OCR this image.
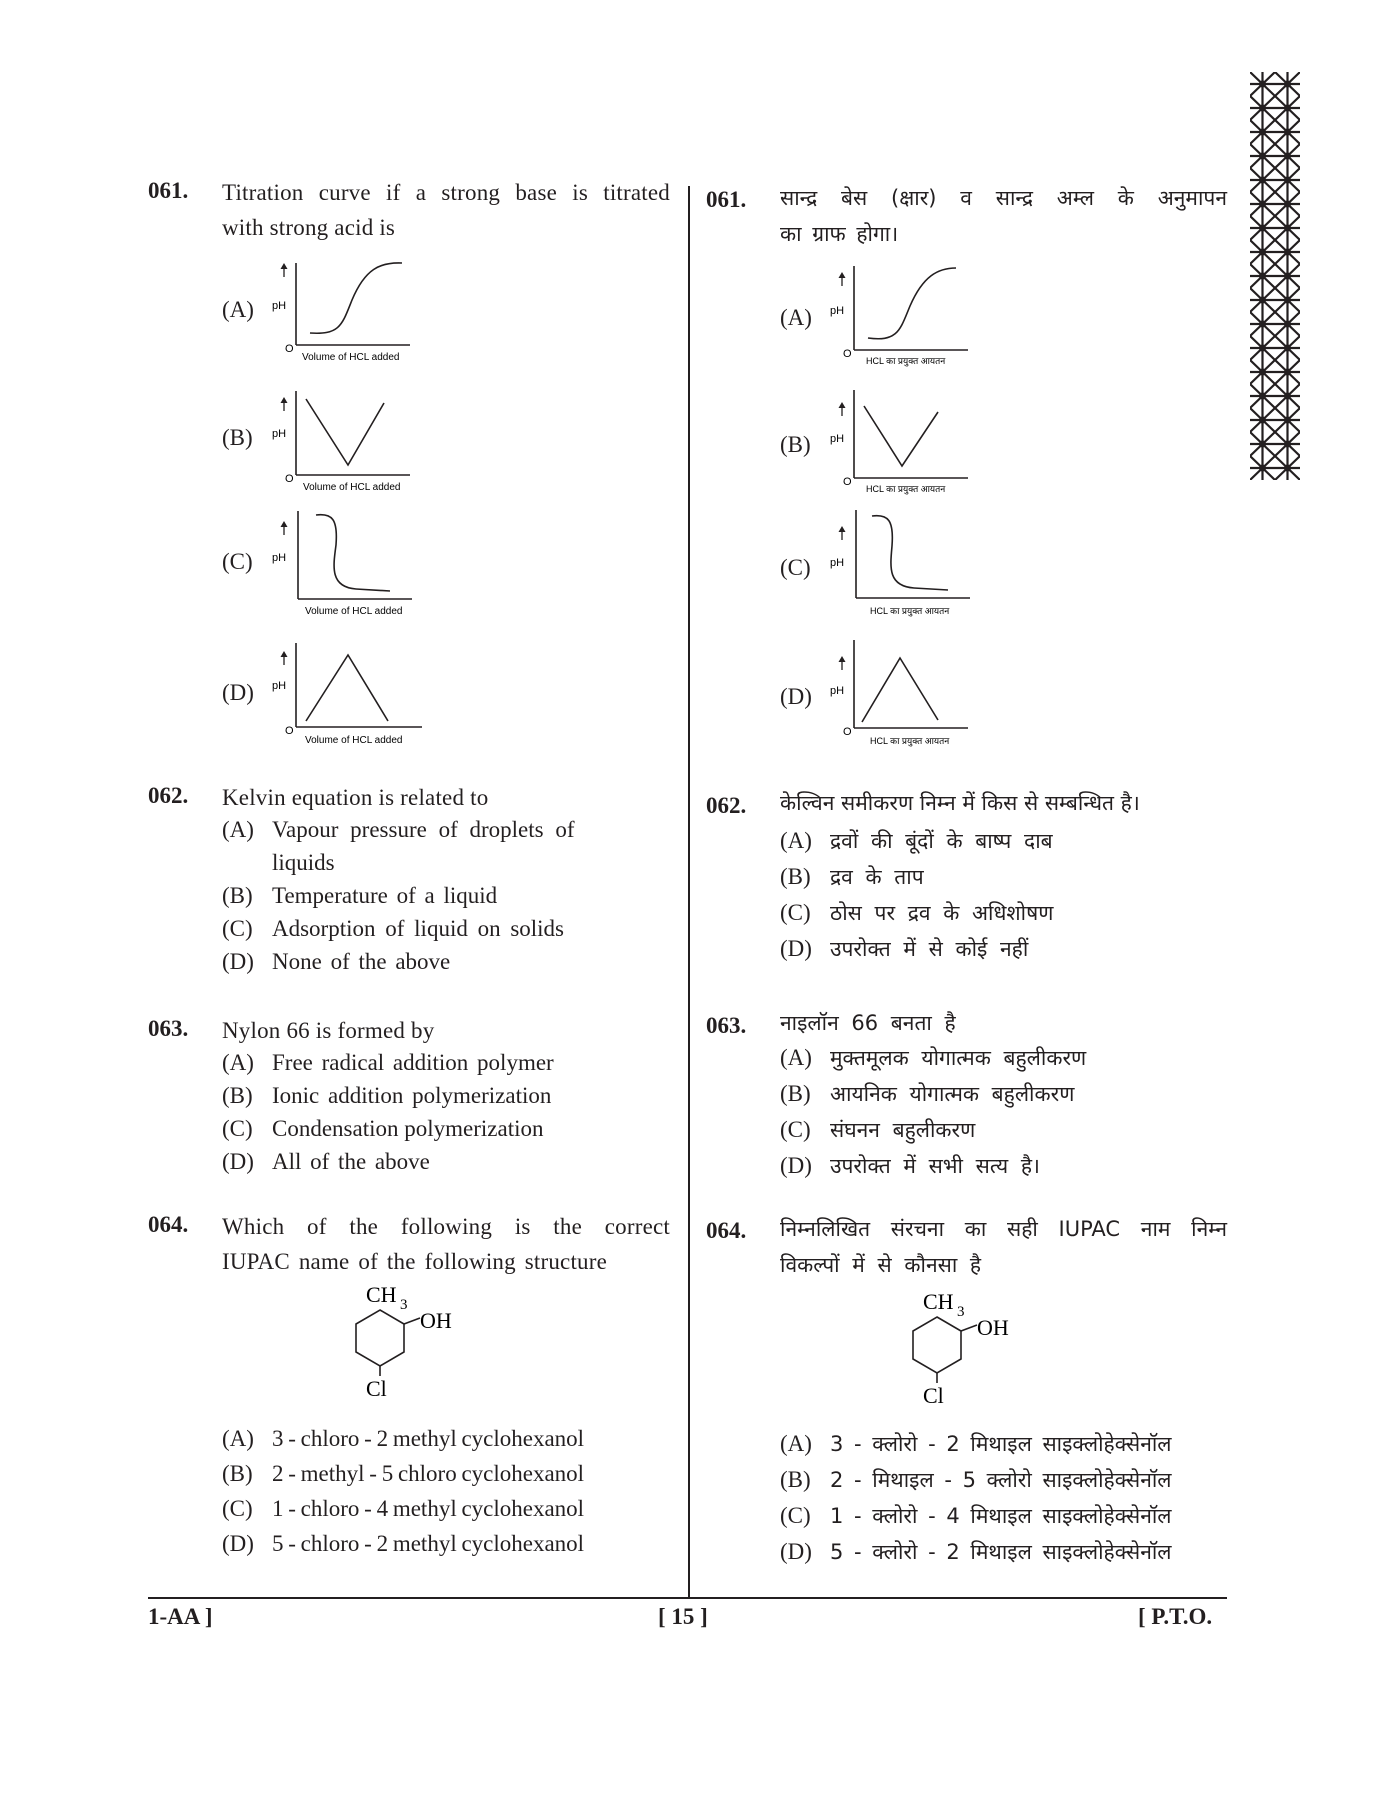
061. Titration curve if a strong base is titrated
with strong acid is
(A) pH
O
Volume of HCL added
(B) pH
O
Volume of HCL added
(C) pH
Volume of HCL added
(D) pH
O
Volume of HCL added
062. Kelvin equation is related to
(A) Vapour pressure of droplets of
liquids
(B) Temperature of a liquid
(C) Adsorption of liquid on solids
(D) None of the above
063. Nylon 66 is formed by
(A) Free radical addition polymer
(B) Ionic addition polymerization
(C) Condensation polymerization
(D) All of the above
064. Which of the following is the correct
IUPAC name of the following structure
CH 3
OH
Cl
(A) 3 - chloro - 2 methyl cyclohexanol
(B) 2 - methyl - 5 chloro cyclohexanol
(C) 1 - chloro - 4 methyl cyclohexanol
(D) 5 - chloro - 2 methyl cyclohexanol
061. सान्द्र बेस (क्षार) व सान्द्र अम्ल के अनुमापन
का ग्राफ होगा।
(A) pH
O
HCL का प्रयुक्त आयतन
(B) pH
O
HCL का प्रयुक्त आयतन
(C) pH
HCL का प्रयुक्त आयतन
(D) pH
O
HCL का प्रयुक्त आयतन
062. केल्विन समीकरण निम्न में किस से सम्बन्धित है।
(A) द्रवों की बूंदों के बाष्प दाब
(B) द्रव के ताप
(C) ठोस पर द्रव के अधिशोषण
(D) उपरोक्त में से कोई नहीं
063. नाइलॉन 66 बनता है
(A) मुक्तमूलक योगात्मक बहुलीकरण
(B) आयनिक योगात्मक बहुलीकरण
(C) संघनन बहुलीकरण
(D) उपरोक्त में सभी सत्य है।
064. निम्नलिखित संरचना का सही IUPAC नाम निम्न
विकल्पों में से कौनसा है
CH 3
OH
Cl
(A) 3 - क्लोरो - 2 मिथाइल साइक्लोहेक्सेनॉल
(B) 2 - मिथाइल - 5 क्लोरो साइक्लोहेक्सेनॉल
(C) 1 - क्लोरो - 4 मिथाइल साइक्लोहेक्सेनॉल
(D) 5 - क्लोरो - 2 मिथाइल साइक्लोहेक्सेनॉल
1-AA ]	[ 15 ]	[ P.T.O.
